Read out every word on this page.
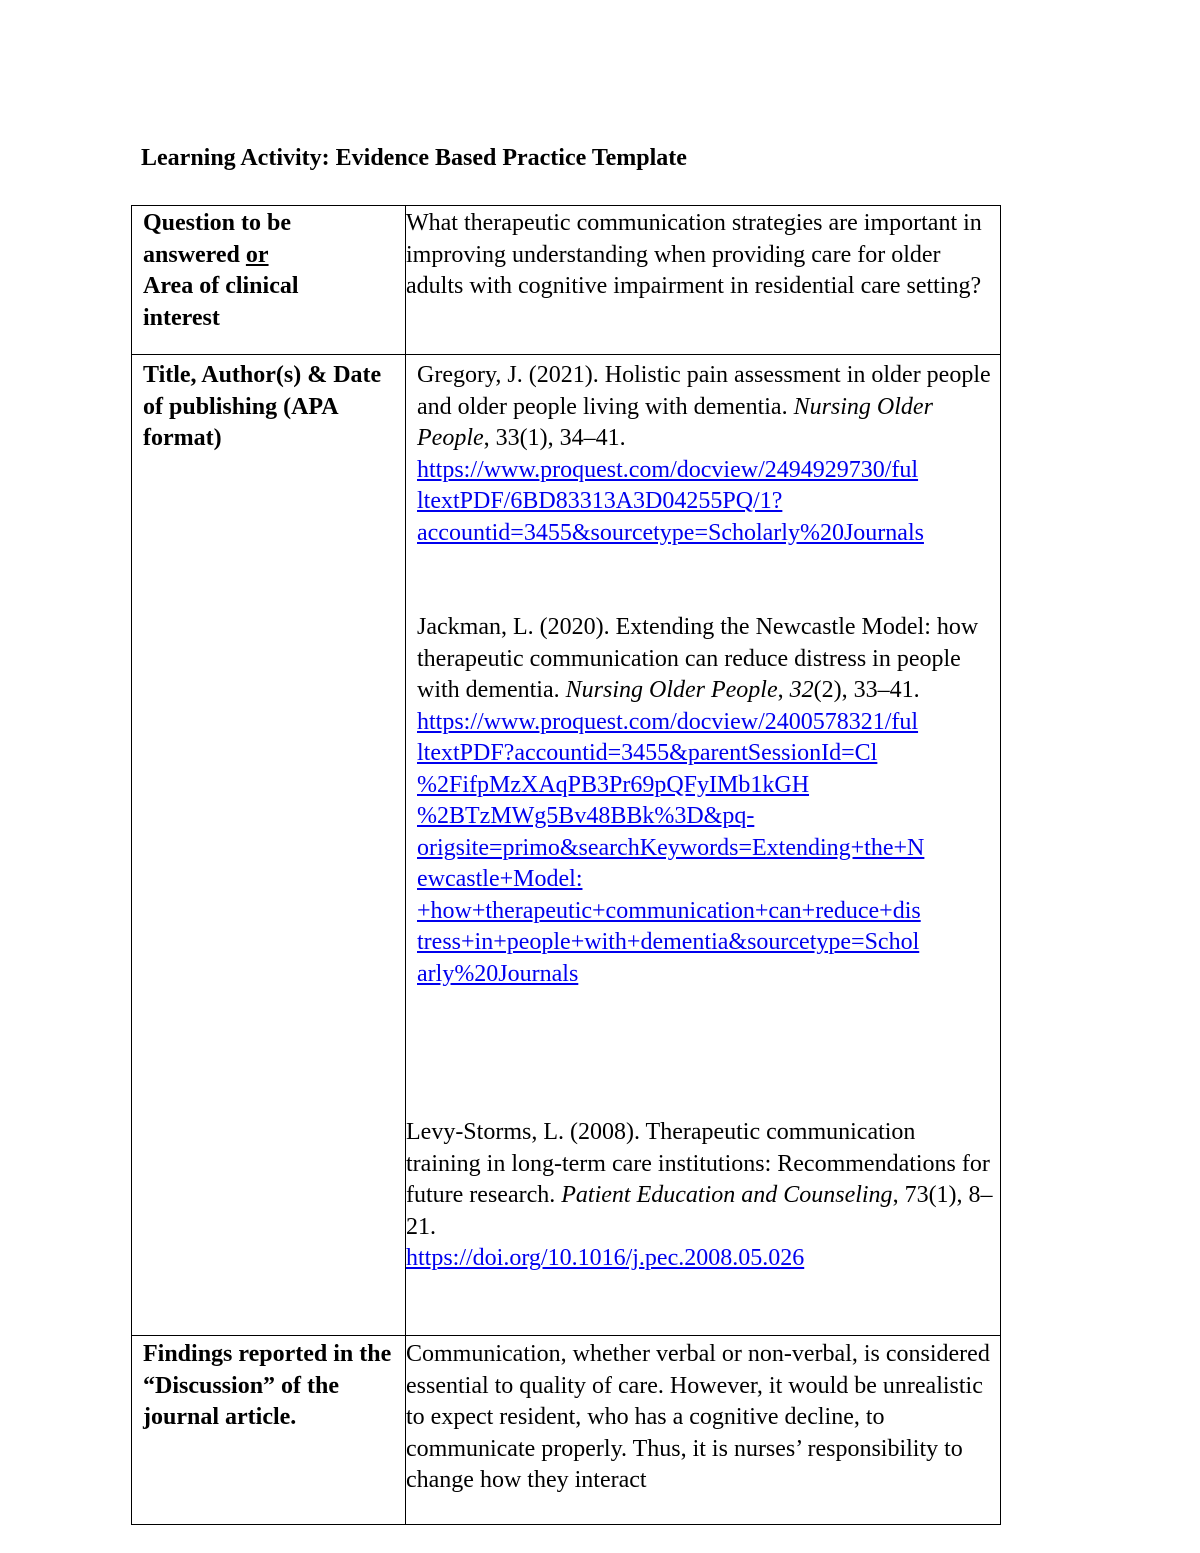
Learning Activity: Evidence Based Practice Template
Question to be
answered or
Area of clinical
interest
What therapeutic communication strategies are important in improving understanding when providing care for older adults with cognitive impairment in residential care setting?
Title, Author(s) & Date of publishing (APA format)
Gregory, J. (2021). Holistic pain assessment in older people and older people living with dementia. Nursing Older People, 33(1), 34–41.
https://www.proquest.com/docview/2494929730/ful
ltextPDF/6BD83313A3D04255PQ/1?
accountid=3455&sourcetype=Scholarly%20Journals
Jackman, L. (2020). Extending the Newcastle Model: how therapeutic communication can reduce distress in people with dementia. Nursing Older People, 32(2), 33–41.
https://www.proquest.com/docview/2400578321/ful
ltextPDF?accountid=3455&parentSessionId=Cl
%2FifpMzXAqPB3Pr69pQFyIMb1kGH
%2BTzMWg5Bv48BBk%3D&pq-
origsite=primo&searchKeywords=Extending+the+N
ewcastle+Model:
+how+therapeutic+communication+can+reduce+dis
tress+in+people+with+dementia&sourcetype=Schol
arly%20Journals
Levy-Storms, L. (2008). Therapeutic communication training in long-term care institutions: Recommendations for future research. Patient Education and Counseling, 73(1), 8–21.
https://doi.org/10.1016/j.pec.2008.05.026
Findings reported in the “Discussion” of the journal article.
Communication, whether verbal or non-verbal, is considered essential to quality of care. However, it would be unrealistic to expect resident, who has a cognitive decline, to communicate properly. Thus, it is nurses’ responsibility to change how they interact
